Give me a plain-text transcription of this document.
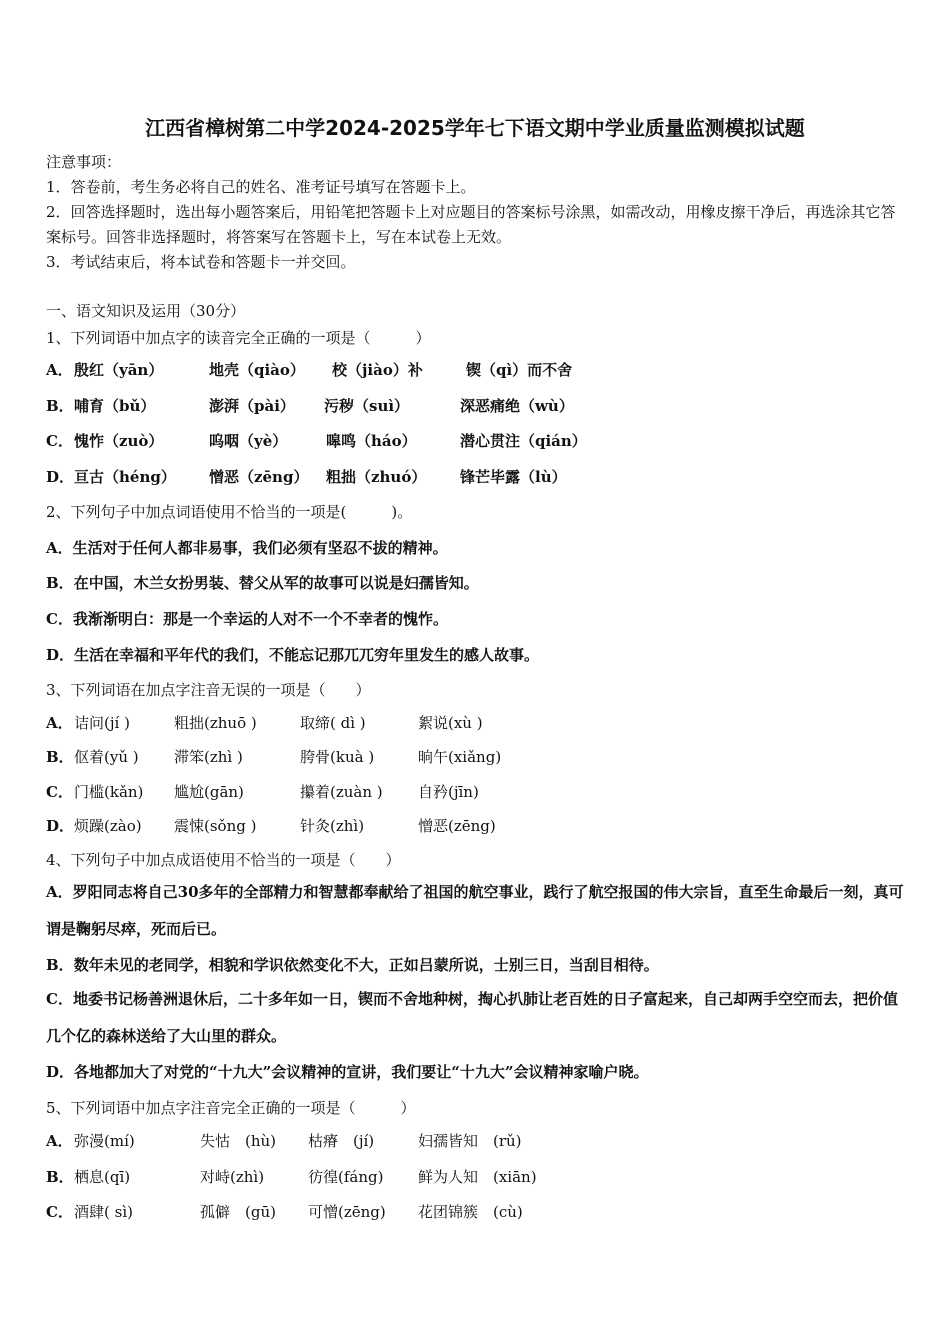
江西省樟树第二中学2024-2025学年七下语文期中学业质量监测模拟试题

注意事项：

1．答卷前，考生务必将自己的姓名、准考证号填写在答题卡上。

2．回答选择题时，选出每小题答案后，用铅笔把答题卡上对应题目的答案标号涂黑，如需改动，用橡皮擦干净后，再选涂其它答案标号。回答非选择题时，将答案写在答题卡上，写在本试卷上无效。

3．考试结束后，将本试卷和答题卡一并交回。

一、语文知识及运用（30分）
1、下列词语中加点字的读音完全正确的一项是（　　　）
A． 殷红（yān）	地壳（qiào） 校（jiào）补	锲（qì）而不舍
B． 哺育（bǔ）	澎湃（pài） 污秽（suì）	深恶痛绝（wù）
C． 愧怍（zuò）	呜咽（yè）	嗥鸣（háo）	潜心贯注（qián）
D． 亘古（héng） 憎恶（zēng） 粗拙（zhuó） 锋芒毕露（lù）
2、下列句子中加点词语使用不恰当的一项是(　　　)。
A．生活对于任何人都非易事，我们必须有坚忍不拔的精神。
B．在中国，木兰女扮男装、替父从军的故事可以说是妇孺皆知。
C．我渐渐明白：那是一个幸运的人对不一个不幸者的愧怍。
D．生活在幸福和平年代的我们，不能忘记那兀兀穷年里发生的感人故事。
3、下列词语在加点字注音无误的一项是（　　）
A． 诘问(jí )	粗拙(zhuō )	取缔( dì )	絮说(xù )
B． 伛着(yǔ ) 滞笨(zhì )	胯骨(kuà )	晌午(xiǎng)
C． 门槛(kǎn) 尴尬(gān)	攥着(zuàn ) 自矜(jīn)
D． 烦躁(zào) 震悚(sǒng )	针灸(zhì)	憎恶(zēng)
4、下列句子中加点成语使用不恰当的一项是（　　）
A．罗阳同志将自己30多年的全部精力和智慧都奉献给了祖国的航空事业，践行了航空报国的伟大宗旨，直至生命最后一刻，真可谓是鞠躬尽瘁，死而后已。
B．数年未见的老同学，相貌和学识依然变化不大，正如吕蒙所说，士别三日，当刮目相待。
C．地委书记杨善洲退休后，二十多年如一日，锲而不舍地种树，掏心扒肺让老百姓的日子富起来，自己却两手空空而去，把价值几个亿的森林送给了大山里的群众。
D．各地都加大了对党的“十九大”会议精神的宣讲，我们要让“十九大”会议精神家喻户晓。
5、下列词语中加点字注音完全正确的一项是（　　　）
A． 弥漫(mí)	失怙　(hù) 枯瘠　(jí)	妇孺皆知　(rǔ)
B． 栖息(qī)	对峙(zhì)	彷徨(fáng) 鲜为人知　(xiān)
C． 酒肆( sì)	孤僻　(gū) 可憎(zēng) 花团锦簇　(cù)
